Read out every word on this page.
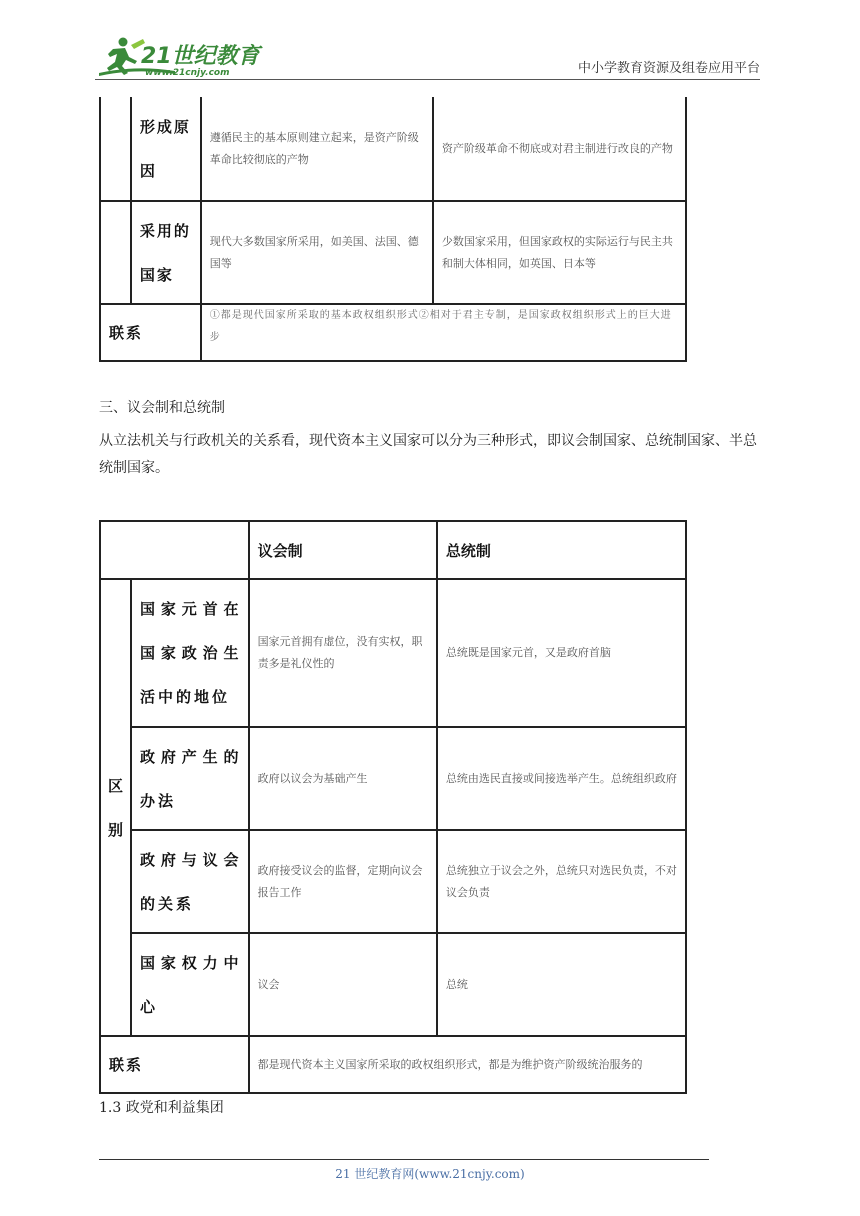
21世纪教育
www.21cnjy.com	中小学教育资源及组卷应用平台

	形成原因	遵循民主的基本原则建立起来，是资产阶级革命比较彻底的产物	资产阶级革命不彻底或对君主制进行改良的产物

	采用的国家	现代大多数国家所采用，如美国、法国、德国等	少数国家采用，但国家政权的实际运行与民主共和制大体相同，如英国、日本等

联系		①都是现代国家所采取的基本政权组织形式②相对于君主专制，是国家政权组织形式上的巨大进步	
三、议会制和总统制
从立法机关与行政机关的关系看，现代资本主义国家可以分为三种形式，即议会制国家、总统制国家、半总统制国家。

		议会制	总统制

区别	国家元首在国家政治生活中的地位	国家元首拥有虚位，没有实权，职责多是礼仪性的	总统既是国家元首，又是政府首脑

	政府产生的办法	政府以议会为基础产生	总统由选民直接或间接选举产生。总统组织政府

	政府与议会的关系	政府接受议会的监督，定期向议会报告工作	总统独立于议会之外，总统只对选民负责，不对议会负责

	国家权力中心	议会	总统

联系		都是现代资本主义国家所采取的政权组织形式，都是为维护资产阶级统治服务的	
1.3 政党和利益集团
21 世纪教育网(www.21cnjy.com)
